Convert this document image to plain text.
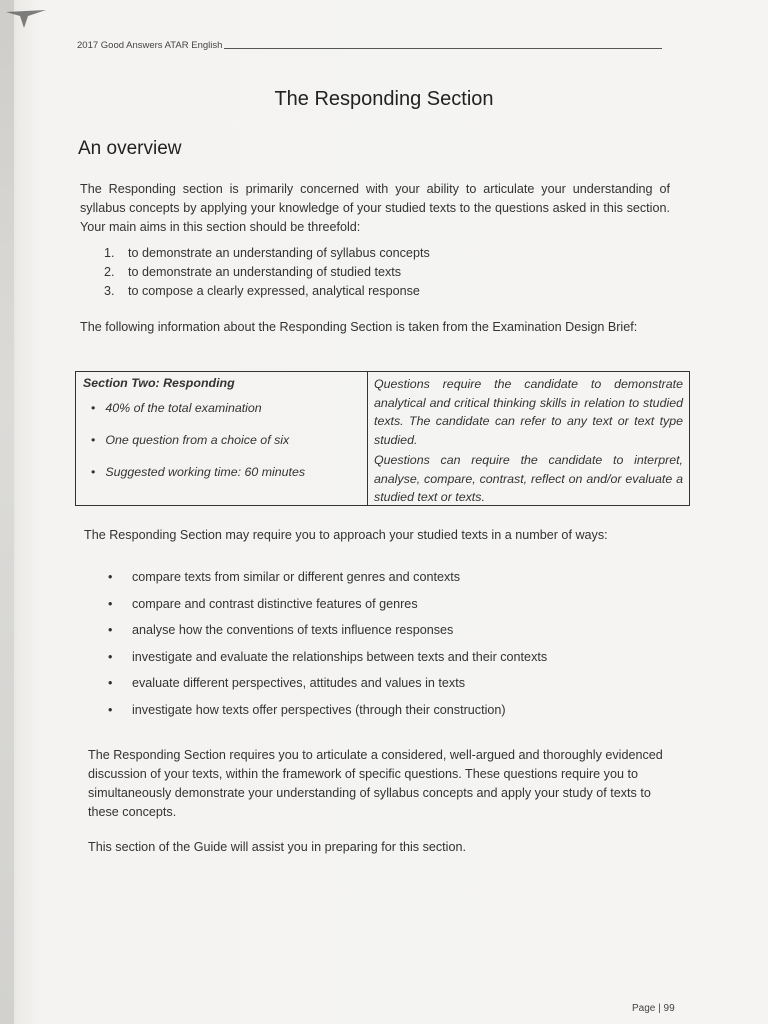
2017 Good Answers ATAR English
The Responding Section
An overview

The Responding section is primarily concerned with your ability to articulate your understanding of syllabus concepts by applying your knowledge of your studied texts to the questions asked in this section. Your main aims in this section should be threefold:

1. to demonstrate an understanding of syllabus concepts
2. to demonstrate an understanding of studied texts
3. to compose a clearly expressed, analytical response

The following information about the Responding Section is taken from the Examination Design Brief:

Section Two: Responding
• 40% of the total examination
• One question from a choice of six
• Suggested working time: 60 minutes
Questions require the candidate to demonstrate analytical and critical thinking skills in relation to studied texts. The candidate can refer to any text or text type studied.
Questions can require the candidate to interpret, analyse, compare, contrast, reflect on and/or evaluate a studied text or texts.

The Responding Section may require you to approach your studied texts in a number of ways:

• compare texts from similar or different genres and contexts
• compare and contrast distinctive features of genres
• analyse how the conventions of texts influence responses
• investigate and evaluate the relationships between texts and their contexts
• evaluate different perspectives, attitudes and values in texts
• investigate how texts offer perspectives (through their construction)

The Responding Section requires you to articulate a considered, well-argued and thoroughly evidenced discussion of your texts, within the framework of specific questions. These questions require you to simultaneously demonstrate your understanding of syllabus concepts and apply your study of texts to these concepts.

This section of the Guide will assist you in preparing for this section.

Page | 99
